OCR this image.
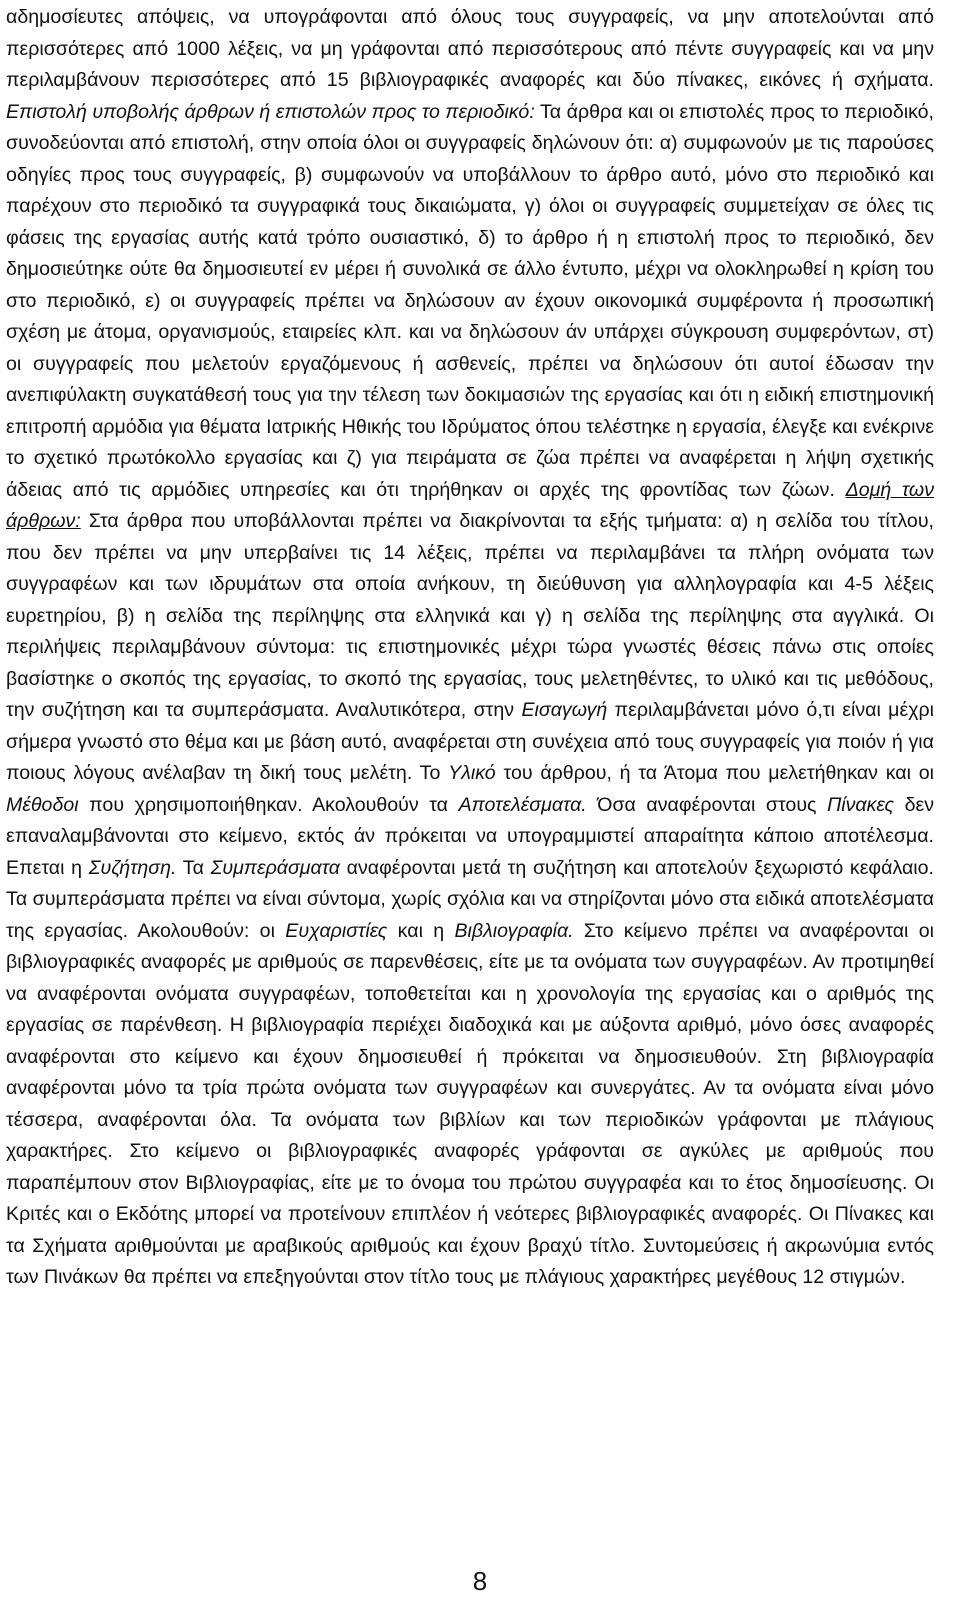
αδημοσίευτες απόψεις, να υπογράφονται από όλους τους συγγραφείς, να μην αποτελούνται από περισσότερες από 1000 λέξεις, να μη γράφονται από περισσότερους από πέντε συγγραφείς και να μην περιλαμβάνουν περισσότερες από 15 βιβλιογραφικές αναφορές και δύο πίνακες, εικόνες ή σχήματα. Επιστολή υποβολής άρθρων ή επιστολών προς το περιοδικό: Τα άρθρα και οι επιστολές προς το περιοδικό, συνοδεύονται από επιστολή, στην οποία όλοι οι συγγραφείς δηλώνουν ότι: α) συμφωνούν με τις παρούσες οδηγίες προς τους συγγραφείς, β) συμφωνούν να υποβάλλουν το άρθρο αυτό, μόνο στο περιοδικό και παρέχουν στο περιοδικό τα συγγραφικά τους δικαιώματα, γ) όλοι οι συγγραφείς συμμετείχαν σε όλες τις φάσεις της εργασίας αυτής κατά τρόπο ουσιαστικό, δ) το άρθρο ή η επιστολή προς το περιοδικό, δεν δημοσιεύτηκε ούτε θα δημοσιευτεί εν μέρει ή συνολικά σε άλλο έντυπο, μέχρι να ολοκληρωθεί η κρίση του στο περιοδικό, ε) οι συγγραφείς πρέπει να δηλώσουν αν έχουν οικονομικά συμφέροντα ή προσωπική σχέση με άτομα, οργανισμούς, εταιρείες κλπ. και να δηλώσουν άν υπάρχει σύγκρουση συμφερόντων, στ) οι συγγραφείς που μελετούν εργαζόμενους ή ασθενείς, πρέπει να δηλώσουν ότι αυτοί έδωσαν την ανεπιφύλακτη συγκατάθεσή τους για την τέλεση των δοκιμασιών της εργασίας και ότι η ειδική επιστημονική επιτροπή αρμόδια για θέματα Ιατρικής Ηθικής του Ιδρύματος όπου τελέστηκε η εργασία, έλεγξε και ενέκρινε το σχετικό πρωτόκολλο εργασίας και ζ) για πειράματα σε ζώα πρέπει να αναφέρεται η λήψη σχετικής άδειας από τις αρμόδιες υπηρεσίες και ότι τηρήθηκαν οι αρχές της φροντίδας των ζώων. Δομή των άρθρων: Στα άρθρα που υποβάλλονται πρέπει να διακρίνονται τα εξής τμήματα: α) η σελίδα του τίτλου, που δεν πρέπει να μην υπερβαίνει τις 14 λέξεις, πρέπει να περιλαμβάνει τα πλήρη ονόματα των συγγραφέων και των ιδρυμάτων στα οποία ανήκουν, τη διεύθυνση για αλληλογραφία και 4-5 λέξεις ευρετηρίου, β) η σελίδα της περίληψης στα ελληνικά και γ) η σελίδα της περίληψης στα αγγλικά. Οι περιλήψεις περιλαμβάνουν σύντομα: τις επιστημονικές μέχρι τώρα γνωστές θέσεις πάνω στις οποίες βασίστηκε ο σκοπός της εργασίας, το σκοπό της εργασίας, τους μελετηθέντες, το υλικό και τις μεθόδους, την συζήτηση και τα συμπεράσματα. Αναλυτικότερα, στην Εισαγωγή περιλαμβάνεται μόνο ό,τι είναι μέχρι σήμερα γνωστό στο θέμα και με βάση αυτό, αναφέρεται στη συνέχεια από τους συγγραφείς για ποιόν ή για ποιους λόγους ανέλαβαν τη δική τους μελέτη. Το Υλικό του άρθρου, ή τα Άτομα που μελετήθηκαν και οι Μέθοδοι που χρησιμοποιήθηκαν. Ακολουθούν τα Αποτελέσματα. Όσα αναφέρονται στους Πίνακες δεν επαναλαμβάνονται στο κείμενο, εκτός άν πρόκειται να υπογραμμιστεί απαραίτητα κάποιο αποτέλεσμα. Επεται η Συζήτηση. Τα Συμπεράσματα αναφέρονται μετά τη συζήτηση και αποτελούν ξεχωριστό κεφάλαιο. Τα συμπεράσματα πρέπει να είναι σύντομα, χωρίς σχόλια και να στηρίζονται μόνο στα ειδικά αποτελέσματα της εργασίας. Ακολουθούν: οι Ευχαριστίες και η Βιβλιογραφία. Στο κείμενο πρέπει να αναφέρονται οι βιβλιογραφικές αναφορές με αριθμούς σε παρενθέσεις, είτε με τα ονόματα των συγγραφέων. Αν προτιμηθεί να αναφέρονται ονόματα συγγραφέων, τοποθετείται και η χρονολογία της εργασίας και ο αριθμός της εργασίας σε παρένθεση. Η βιβλιογραφία περιέχει διαδοχικά και με αύξοντα αριθμό, μόνο όσες αναφορές αναφέρονται στο κείμενο και έχουν δημοσιευθεί ή πρόκειται να δημοσιευθούν. Στη βιβλιογραφία αναφέρονται μόνο τα τρία πρώτα ονόματα των συγγραφέων και συνεργάτες. Αν τα ονόματα είναι μόνο τέσσερα, αναφέρονται όλα. Τα ονόματα των βιβλίων και των περιοδικών γράφονται με πλάγιους χαρακτήρες. Στο κείμενο οι βιβλιογραφικές αναφορές γράφονται σε αγκύλες με αριθμούς που παραπέμπουν στον Βιβλιογραφίας, είτε με το όνομα του πρώτου συγγραφέα και το έτος δημοσίευσης. Οι Κριτές και ο Εκδότης μπορεί να προτείνουν επιπλέον ή νεότερες βιβλιογραφικές αναφορές. Οι Πίνακες και τα Σχήματα αριθμούνται με αραβικούς αριθμούς και έχουν βραχύ τίτλο. Συντομεύσεις ή ακρωνύμια εντός των Πινάκων θα πρέπει να επεξηγούνται στον τίτλο τους με πλάγιους χαρακτήρες μεγέθους 12 στιγμών.

8
